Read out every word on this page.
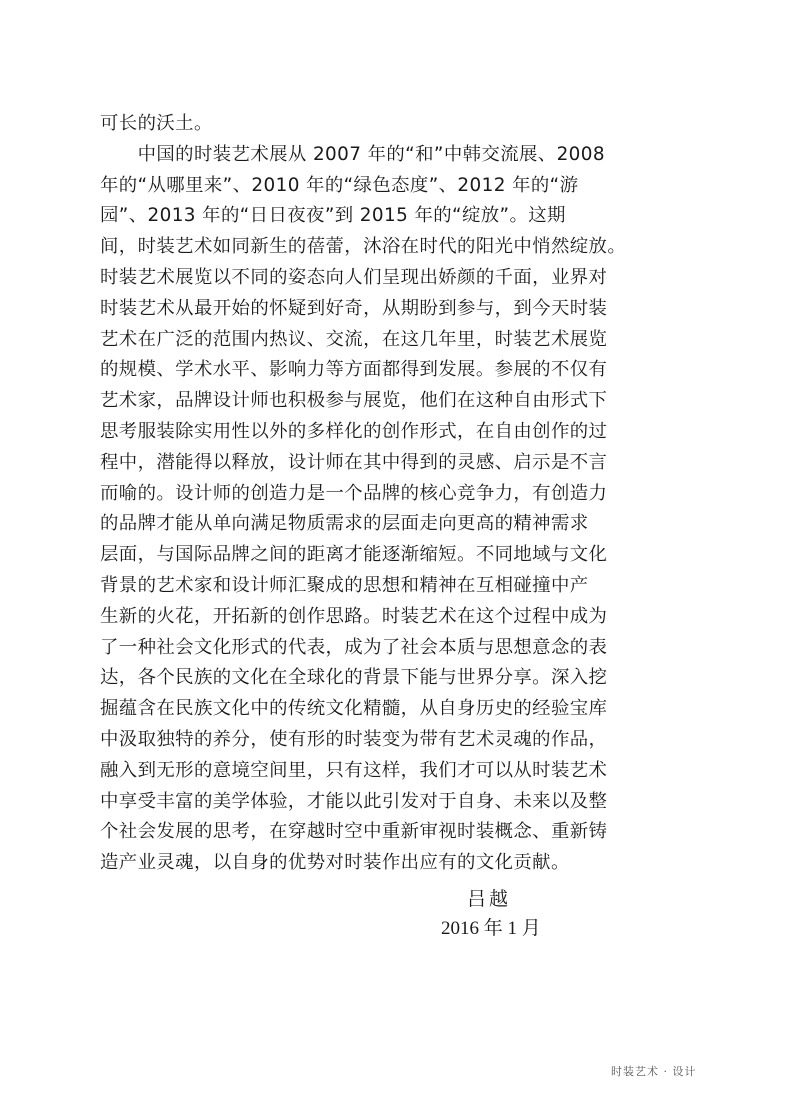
可长的沃土。
　　中国的时装艺术展从 2007 年的“和”中韩交流展、2008
年的“从哪里来”、2010 年的“绿色态度”、2012 年的“游
园”、2013 年的“日日夜夜”到 2015 年的“绽放”。这期
间，时装艺术如同新生的蓓蕾，沐浴在时代的阳光中悄然绽放。
时装艺术展览以不同的姿态向人们呈现出娇颜的千面，业界对
时装艺术从最开始的怀疑到好奇，从期盼到参与，到今天时装
艺术在广泛的范围内热议、交流，在这几年里，时装艺术展览
的规模、学术水平、影响力等方面都得到发展。参展的不仅有
艺术家，品牌设计师也积极参与展览，他们在这种自由形式下
思考服装除实用性以外的多样化的创作形式，在自由创作的过
程中，潜能得以释放，设计师在其中得到的灵感、启示是不言
而喻的。设计师的创造力是一个品牌的核心竞争力，有创造力
的品牌才能从单向满足物质需求的层面走向更高的精神需求
层面，与国际品牌之间的距离才能逐渐缩短。不同地域与文化
背景的艺术家和设计师汇聚成的思想和精神在互相碰撞中产
生新的火花，开拓新的创作思路。时装艺术在这个过程中成为
了一种社会文化形式的代表，成为了社会本质与思想意念的表
达，各个民族的文化在全球化的背景下能与世界分享。深入挖
掘蕴含在民族文化中的传统文化精髓，从自身历史的经验宝库
中汲取独特的养分，使有形的时装变为带有艺术灵魂的作品，
融入到无形的意境空间里，只有这样，我们才可以从时装艺术
中享受丰富的美学体验，才能以此引发对于自身、未来以及整
个社会发展的思考，在穿越时空中重新审视时装概念、重新铸
造产业灵魂，以自身的优势对时装作出应有的文化贡献。
吕越
2016 年 1 月
时装艺术 · 设计
